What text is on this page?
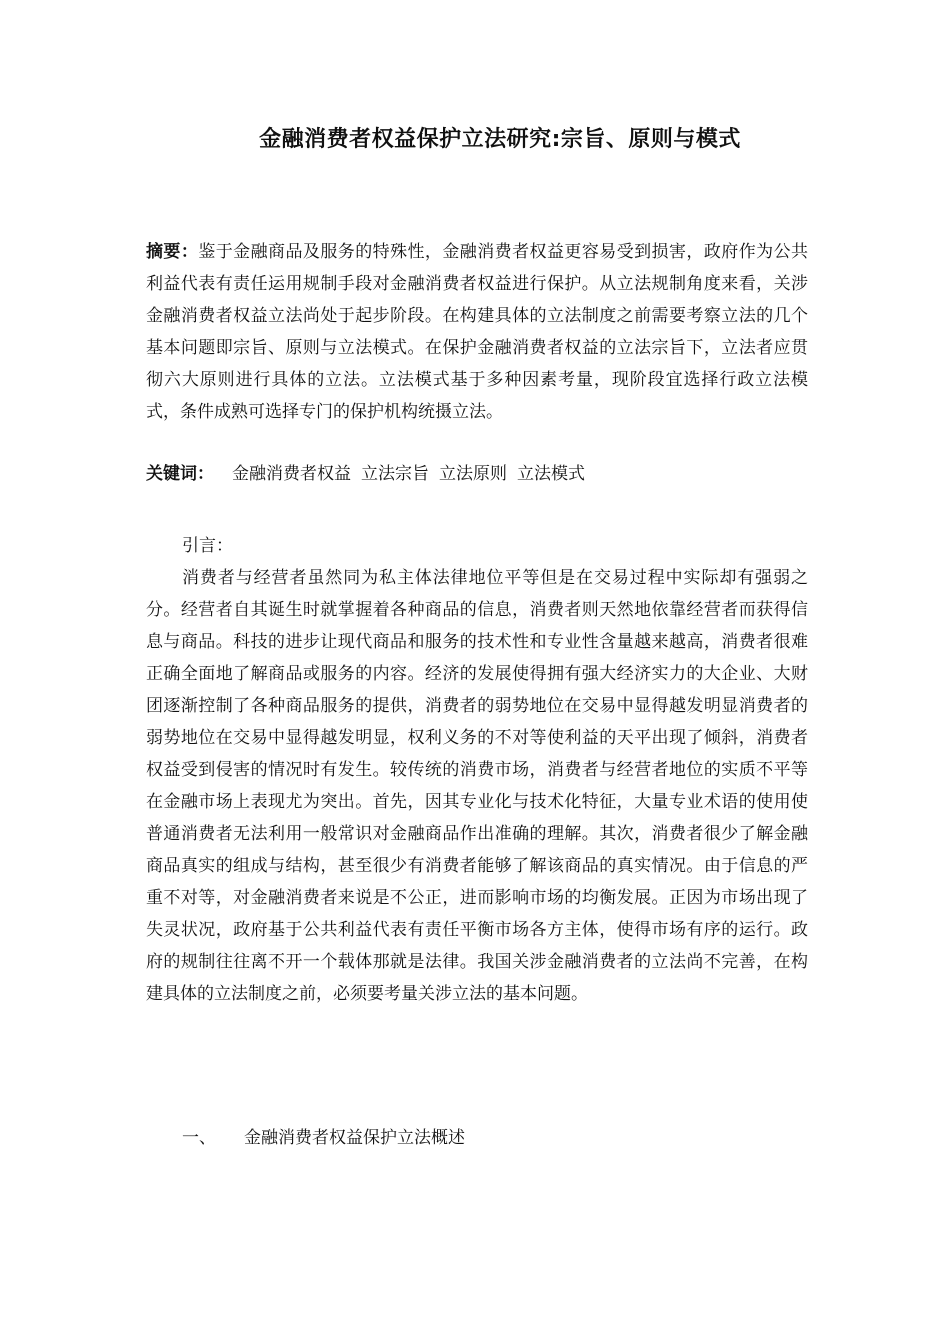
金融消费者权益保护立法研究:宗旨、原则与模式
摘要：鉴于金融商品及服务的特殊性，金融消费者权益更容易受到损害，政府作为公共利益代表有责任运用规制手段对金融消费者权益进行保护。从立法规制角度来看，关涉金融消费者权益立法尚处于起步阶段。在构建具体的立法制度之前需要考察立法的几个基本问题即宗旨、原则与立法模式。在保护金融消费者权益的立法宗旨下，立法者应贯彻六大原则进行具体的立法。立法模式基于多种因素考量，现阶段宜选择行政立法模式，条件成熟可选择专门的保护机构统摄立法。
关键词： 金融消费者权益 立法宗旨 立法原则 立法模式
引言：
消费者与经营者虽然同为私主体法律地位平等但是在交易过程中实际却有强弱之分。经营者自其诞生时就掌握着各种商品的信息，消费者则天然地依靠经营者而获得信息与商品。科技的进步让现代商品和服务的技术性和专业性含量越来越高，消费者很难正确全面地了解商品或服务的内容。经济的发展使得拥有强大经济实力的大企业、大财团逐渐控制了各种商品服务的提供，消费者的弱势地位在交易中显得越发明显消费者的弱势地位在交易中显得越发明显，权利义务的不对等使利益的天平出现了倾斜，消费者权益受到侵害的情况时有发生。较传统的消费市场，消费者与经营者地位的实质不平等在金融市场上表现尤为突出。首先，因其专业化与技术化特征，大量专业术语的使用使普通消费者无法利用一般常识对金融商品作出准确的理解。其次，消费者很少了解金融商品真实的组成与结构，甚至很少有消费者能够了解该商品的真实情况。由于信息的严重不对等，对金融消费者来说是不公正，进而影响市场的均衡发展。正因为市场出现了失灵状况，政府基于公共利益代表有责任平衡市场各方主体，使得市场有序的运行。政府的规制往往离不开一个载体那就是法律。我国关涉金融消费者的立法尚不完善，在构建具体的立法制度之前，必须要考量关涉立法的基本问题。
一、 金融消费者权益保护立法概述
